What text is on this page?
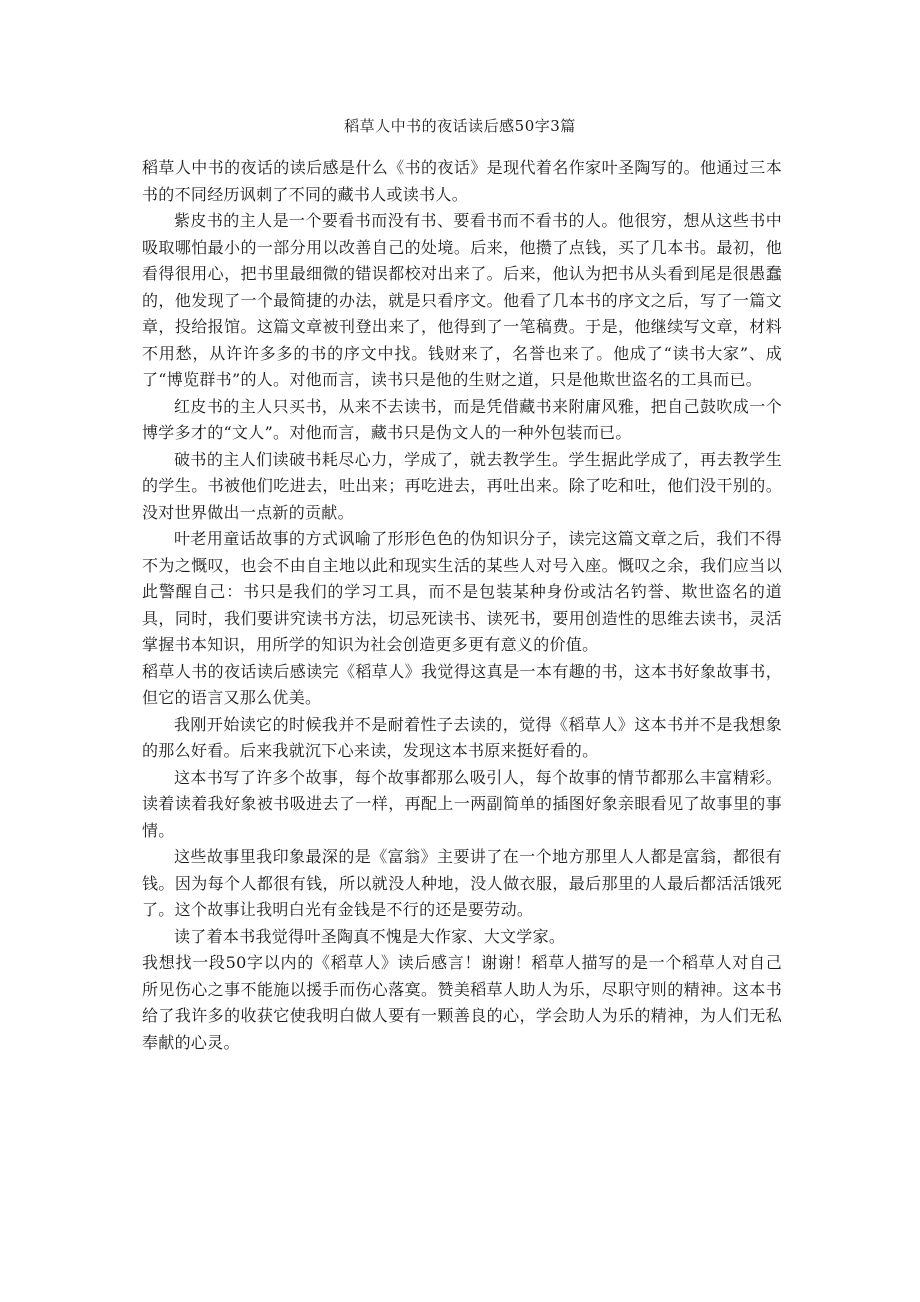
稻草人中书的夜话读后感50字3篇

稻草人中书的夜话的读后感是什么《书的夜话》是现代着名作家叶圣陶写的。他通过三本书的不同经历讽刺了不同的藏书人或读书人。

紫皮书的主人是一个要看书而没有书、要看书而不看书的人。他很穷，想从这些书中吸取哪怕最小的一部分用以改善自己的处境。后来，他攒了点钱，买了几本书。最初，他看得很用心，把书里最细微的错误都校对出来了。后来，他认为把书从头看到尾是很愚蠢的，他发现了一个最简捷的办法，就是只看序文。他看了几本书的序文之后，写了一篇文章，投给报馆。这篇文章被刊登出来了，他得到了一笔稿费。于是，他继续写文章，材料不用愁，从许许多多的书的序文中找。钱财来了，名誉也来了。他成了“读书大家”、成了“博览群书”的人。对他而言，读书只是他的生财之道，只是他欺世盗名的工具而已。

红皮书的主人只买书，从来不去读书，而是凭借藏书来附庸风雅，把自己鼓吹成一个博学多才的“文人”。对他而言，藏书只是伪文人的一种外包装而已。

破书的主人们读破书耗尽心力，学成了，就去教学生。学生据此学成了，再去教学生的学生。书被他们吃进去，吐出来；再吃进去，再吐出来。除了吃和吐，他们没干别的。没对世界做出一点新的贡献。

叶老用童话故事的方式讽喻了形形色色的伪知识分子，读完这篇文章之后，我们不得不为之慨叹，也会不由自主地以此和现实生活的某些人对号入座。慨叹之余，我们应当以此警醒自己：书只是我们的学习工具，而不是包装某种身份或沽名钓誉、欺世盗名的道具，同时，我们要讲究读书方法，切忌死读书、读死书，要用创造性的思维去读书，灵活掌握书本知识，用所学的知识为社会创造更多更有意义的价值。

稻草人书的夜话读后感读完《稻草人》我觉得这真是一本有趣的书，这本书好象故事书，但它的语言又那么优美。

我刚开始读它的时候我并不是耐着性子去读的，觉得《稻草人》这本书并不是我想象的那么好看。后来我就沉下心来读，发现这本书原来挺好看的。

这本书写了许多个故事，每个故事都那么吸引人，每个故事的情节都那么丰富精彩。读着读着我好象被书吸进去了一样，再配上一两副简单的插图好象亲眼看见了故事里的事情。

这些故事里我印象最深的是《富翁》主要讲了在一个地方那里人人都是富翁，都很有钱。因为每个人都很有钱，所以就没人种地，没人做衣服，最后那里的人最后都活活饿死了。这个故事让我明白光有金钱是不行的还是要劳动。

读了着本书我觉得叶圣陶真不愧是大作家、大文学家。

我想找一段50字以内的《稻草人》读后感言！谢谢！稻草人描写的是一个稻草人对自己所见伤心之事不能施以援手而伤心落寞。赞美稻草人助人为乐，尽职守则的精神。这本书给了我许多的收获它使我明白做人要有一颗善良的心，学会助人为乐的精神，为人们无私奉献的心灵。
